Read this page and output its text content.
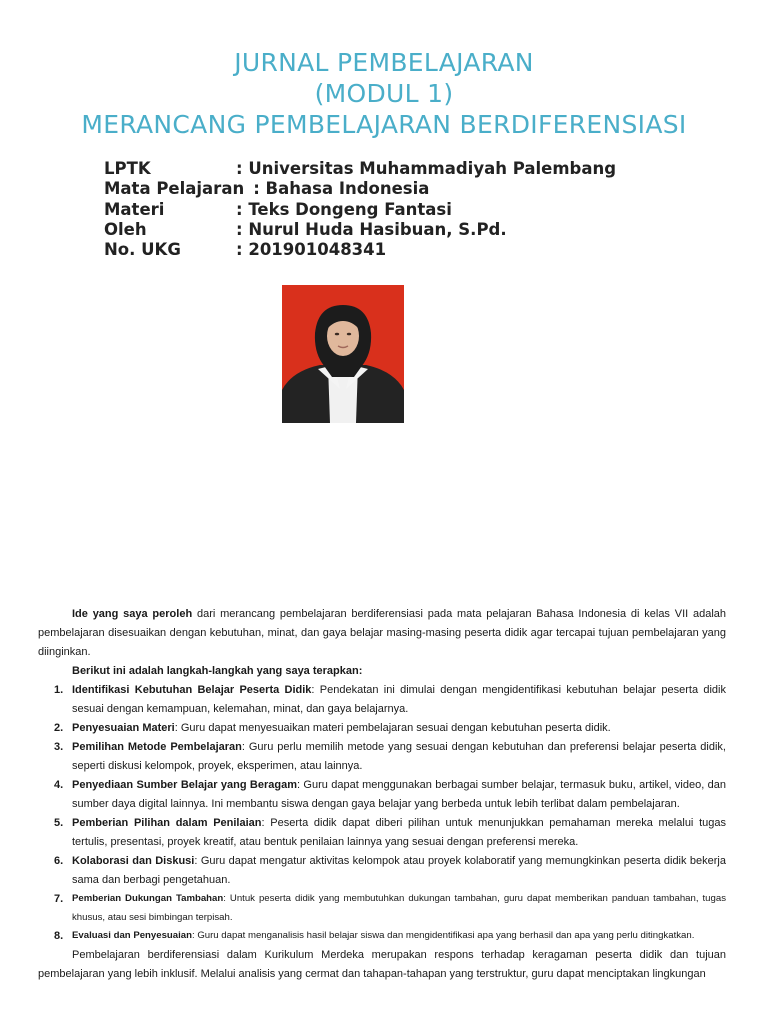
JURNAL PEMBELAJARAN
(MODUL 1)
MERANCANG PEMBELAJARAN BERDIFERENSIASI
LPTK	: Universitas Muhammadiyah Palembang
Mata Pelajaran : Bahasa Indonesia
Materi	: Teks Dongeng Fantasi
Oleh	: Nurul Huda Hasibuan, S.Pd.
No. UKG	: 201901048341

Ide yang saya peroleh dari merancang pembelajaran berdiferensiasi pada mata pelajaran Bahasa Indonesia di kelas VII adalah pembelajaran disesuaikan dengan kebutuhan, minat, dan gaya belajar masing-masing peserta didik agar tercapai tujuan pembelajaran yang diinginkan.

Berikut ini adalah langkah-langkah yang saya terapkan:

1. Identifikasi Kebutuhan Belajar Peserta Didik: Pendekatan ini dimulai dengan mengidentifikasi kebutuhan belajar peserta didik sesuai dengan kemampuan, kelemahan, minat, dan gaya belajarnya.
2. Penyesuaian Materi: Guru dapat menyesuaikan materi pembelajaran sesuai dengan kebutuhan peserta didik.
3. Pemilihan Metode Pembelajaran: Guru perlu memilih metode yang sesuai dengan kebutuhan dan preferensi belajar peserta didik, seperti diskusi kelompok, proyek, eksperimen, atau lainnya.
4. Penyediaan Sumber Belajar yang Beragam: Guru dapat menggunakan berbagai sumber belajar, termasuk buku, artikel, video, dan sumber daya digital lainnya. Ini membantu siswa dengan gaya belajar yang berbeda untuk lebih terlibat dalam pembelajaran.
5. Pemberian Pilihan dalam Penilaian: Peserta didik dapat diberi pilihan untuk menunjukkan pemahaman mereka melalui tugas tertulis, presentasi, proyek kreatif, atau bentuk penilaian lainnya yang sesuai dengan preferensi mereka.
6. Kolaborasi dan Diskusi: Guru dapat mengatur aktivitas kelompok atau proyek kolaboratif yang memungkinkan peserta didik bekerja sama dan berbagi pengetahuan.
7. Pemberian Dukungan Tambahan: Untuk peserta didik yang membutuhkan dukungan tambahan, guru dapat memberikan panduan tambahan, tugas khusus, atau sesi bimbingan terpisah.
8. Evaluasi dan Penyesuaian: Guru dapat menganalisis hasil belajar siswa dan mengidentifikasi apa yang berhasil dan apa yang perlu ditingkatkan.

Pembelajaran berdiferensiasi dalam Kurikulum Merdeka merupakan respons terhadap keragaman peserta didik dan tujuan pembelajaran yang lebih inklusif. Melalui analisis yang cermat dan tahapan-tahapan yang terstruktur, guru dapat menciptakan lingkungan
